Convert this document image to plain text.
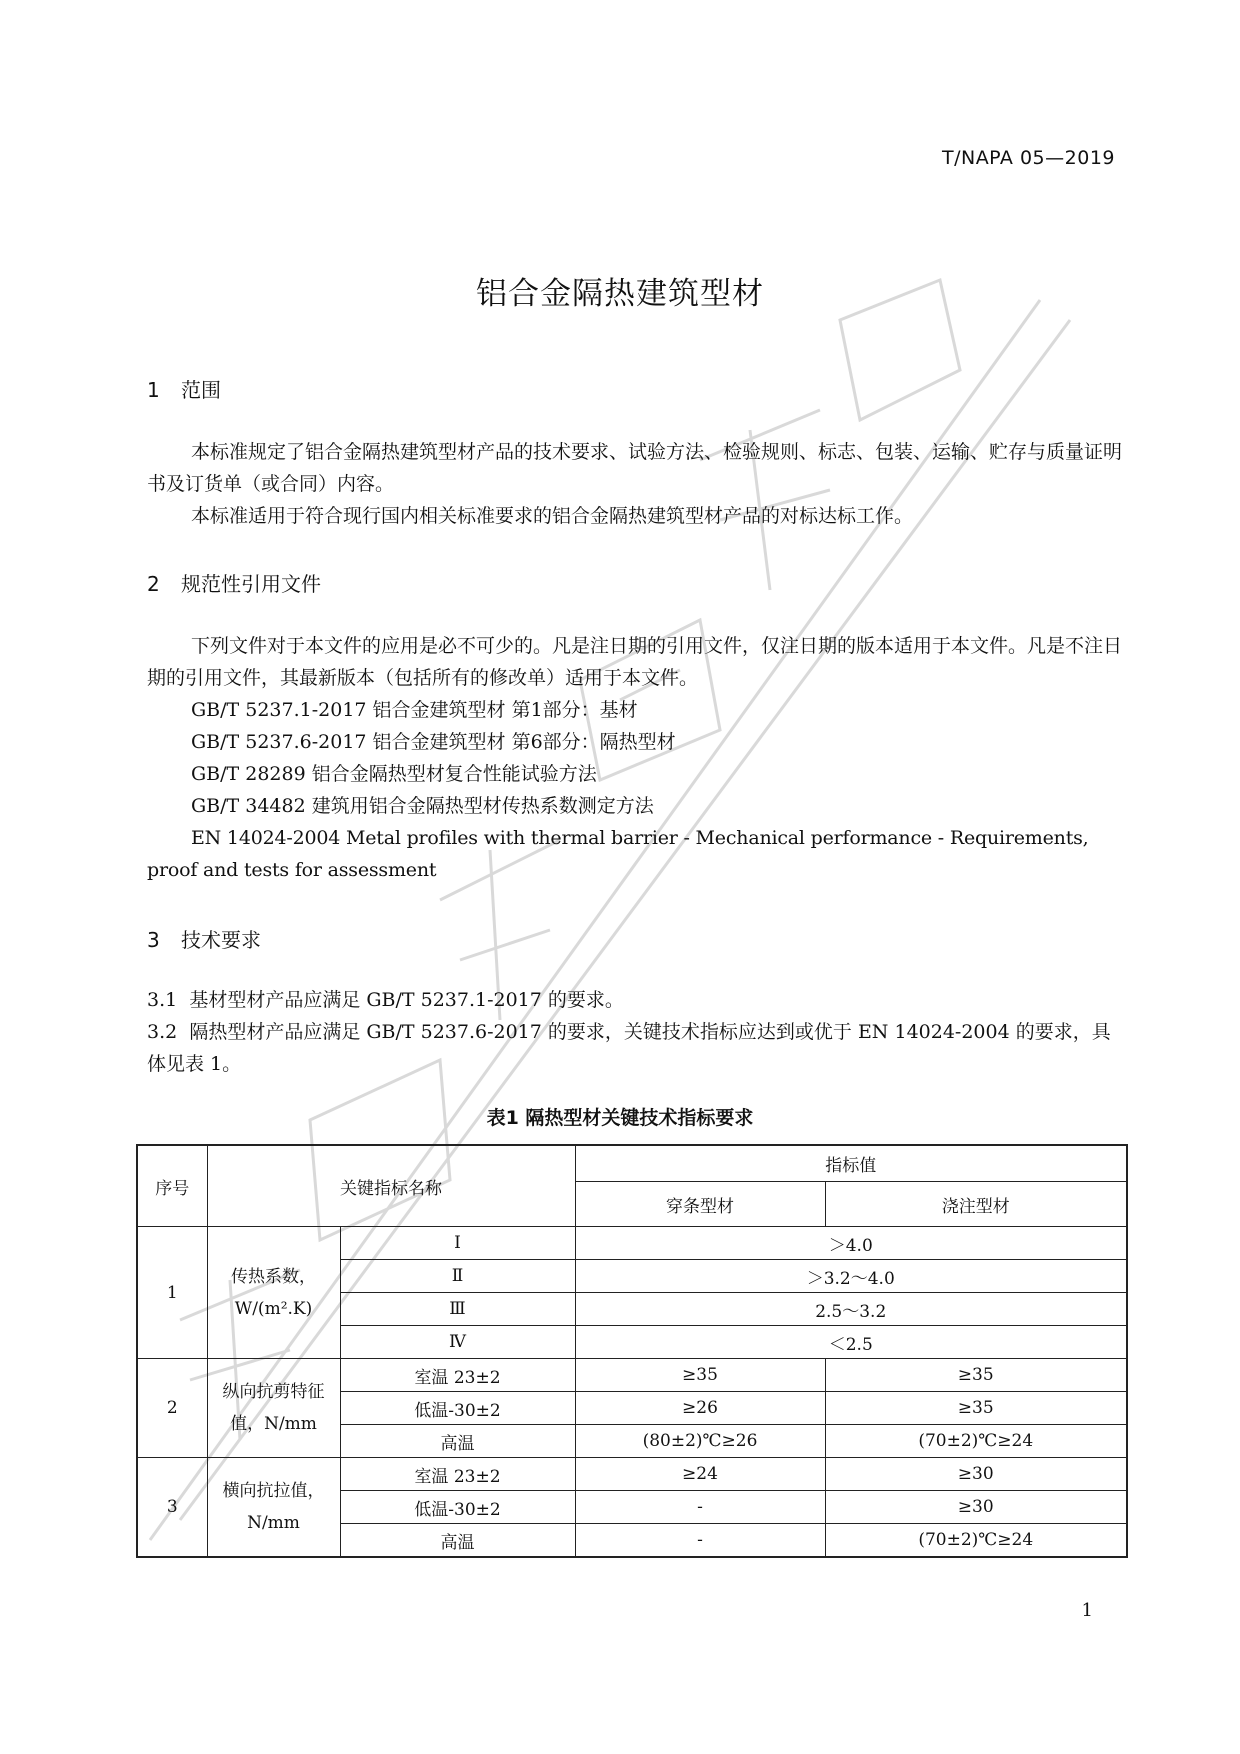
T/NAPA 05—2019
铝合金隔热建筑型材
1 范围
本标准规定了铝合金隔热建筑型材产品的技术要求、试验方法、检验规则、标志、包装、运输、贮存与质量证明书及订货单（或合同）内容。
本标准适用于符合现行国内相关标准要求的铝合金隔热建筑型材产品的对标达标工作。
2 规范性引用文件
下列文件对于本文件的应用是必不可少的。凡是注日期的引用文件，仅注日期的版本适用于本文件。凡是不注日期的引用文件，其最新版本（包括所有的修改单）适用于本文件。
GB/T 5237.1-2017 铝合金建筑型材 第1部分：基材
GB/T 5237.6-2017 铝合金建筑型材 第6部分：隔热型材
GB/T 28289 铝合金隔热型材复合性能试验方法
GB/T 34482 建筑用铝合金隔热型材传热系数测定方法
EN 14024-2004 Metal profiles with thermal barrier - Mechanical performance - Requirements, proof and tests for assessment
3 技术要求
3.1 基材型材产品应满足 GB/T 5237.1-2017 的要求。
3.2 隔热型材产品应满足 GB/T 5237.6-2017 的要求，关键技术指标应达到或优于 EN 14024-2004 的要求，具体见表 1。
表1 隔热型材关键技术指标要求
序号	关键指标名称		指标值	
			穿条型材	浇注型材
1	传热系数，W/(m².K)	Ⅰ	＞4.0	
		Ⅱ	＞3.2～4.0	
		Ⅲ	2.5～3.2	
		Ⅳ	＜2.5	
2	纵向抗剪特征值，N/mm	室温 23±2	≥35	≥35
		低温-30±2	≥26	≥35
		高温	(80±2)℃≥26	(70±2)℃≥24
3	横向抗拉值，N/mm	室温 23±2	≥24	≥30
		低温-30±2	-	≥30
		高温	-	(70±2)℃≥24
1
